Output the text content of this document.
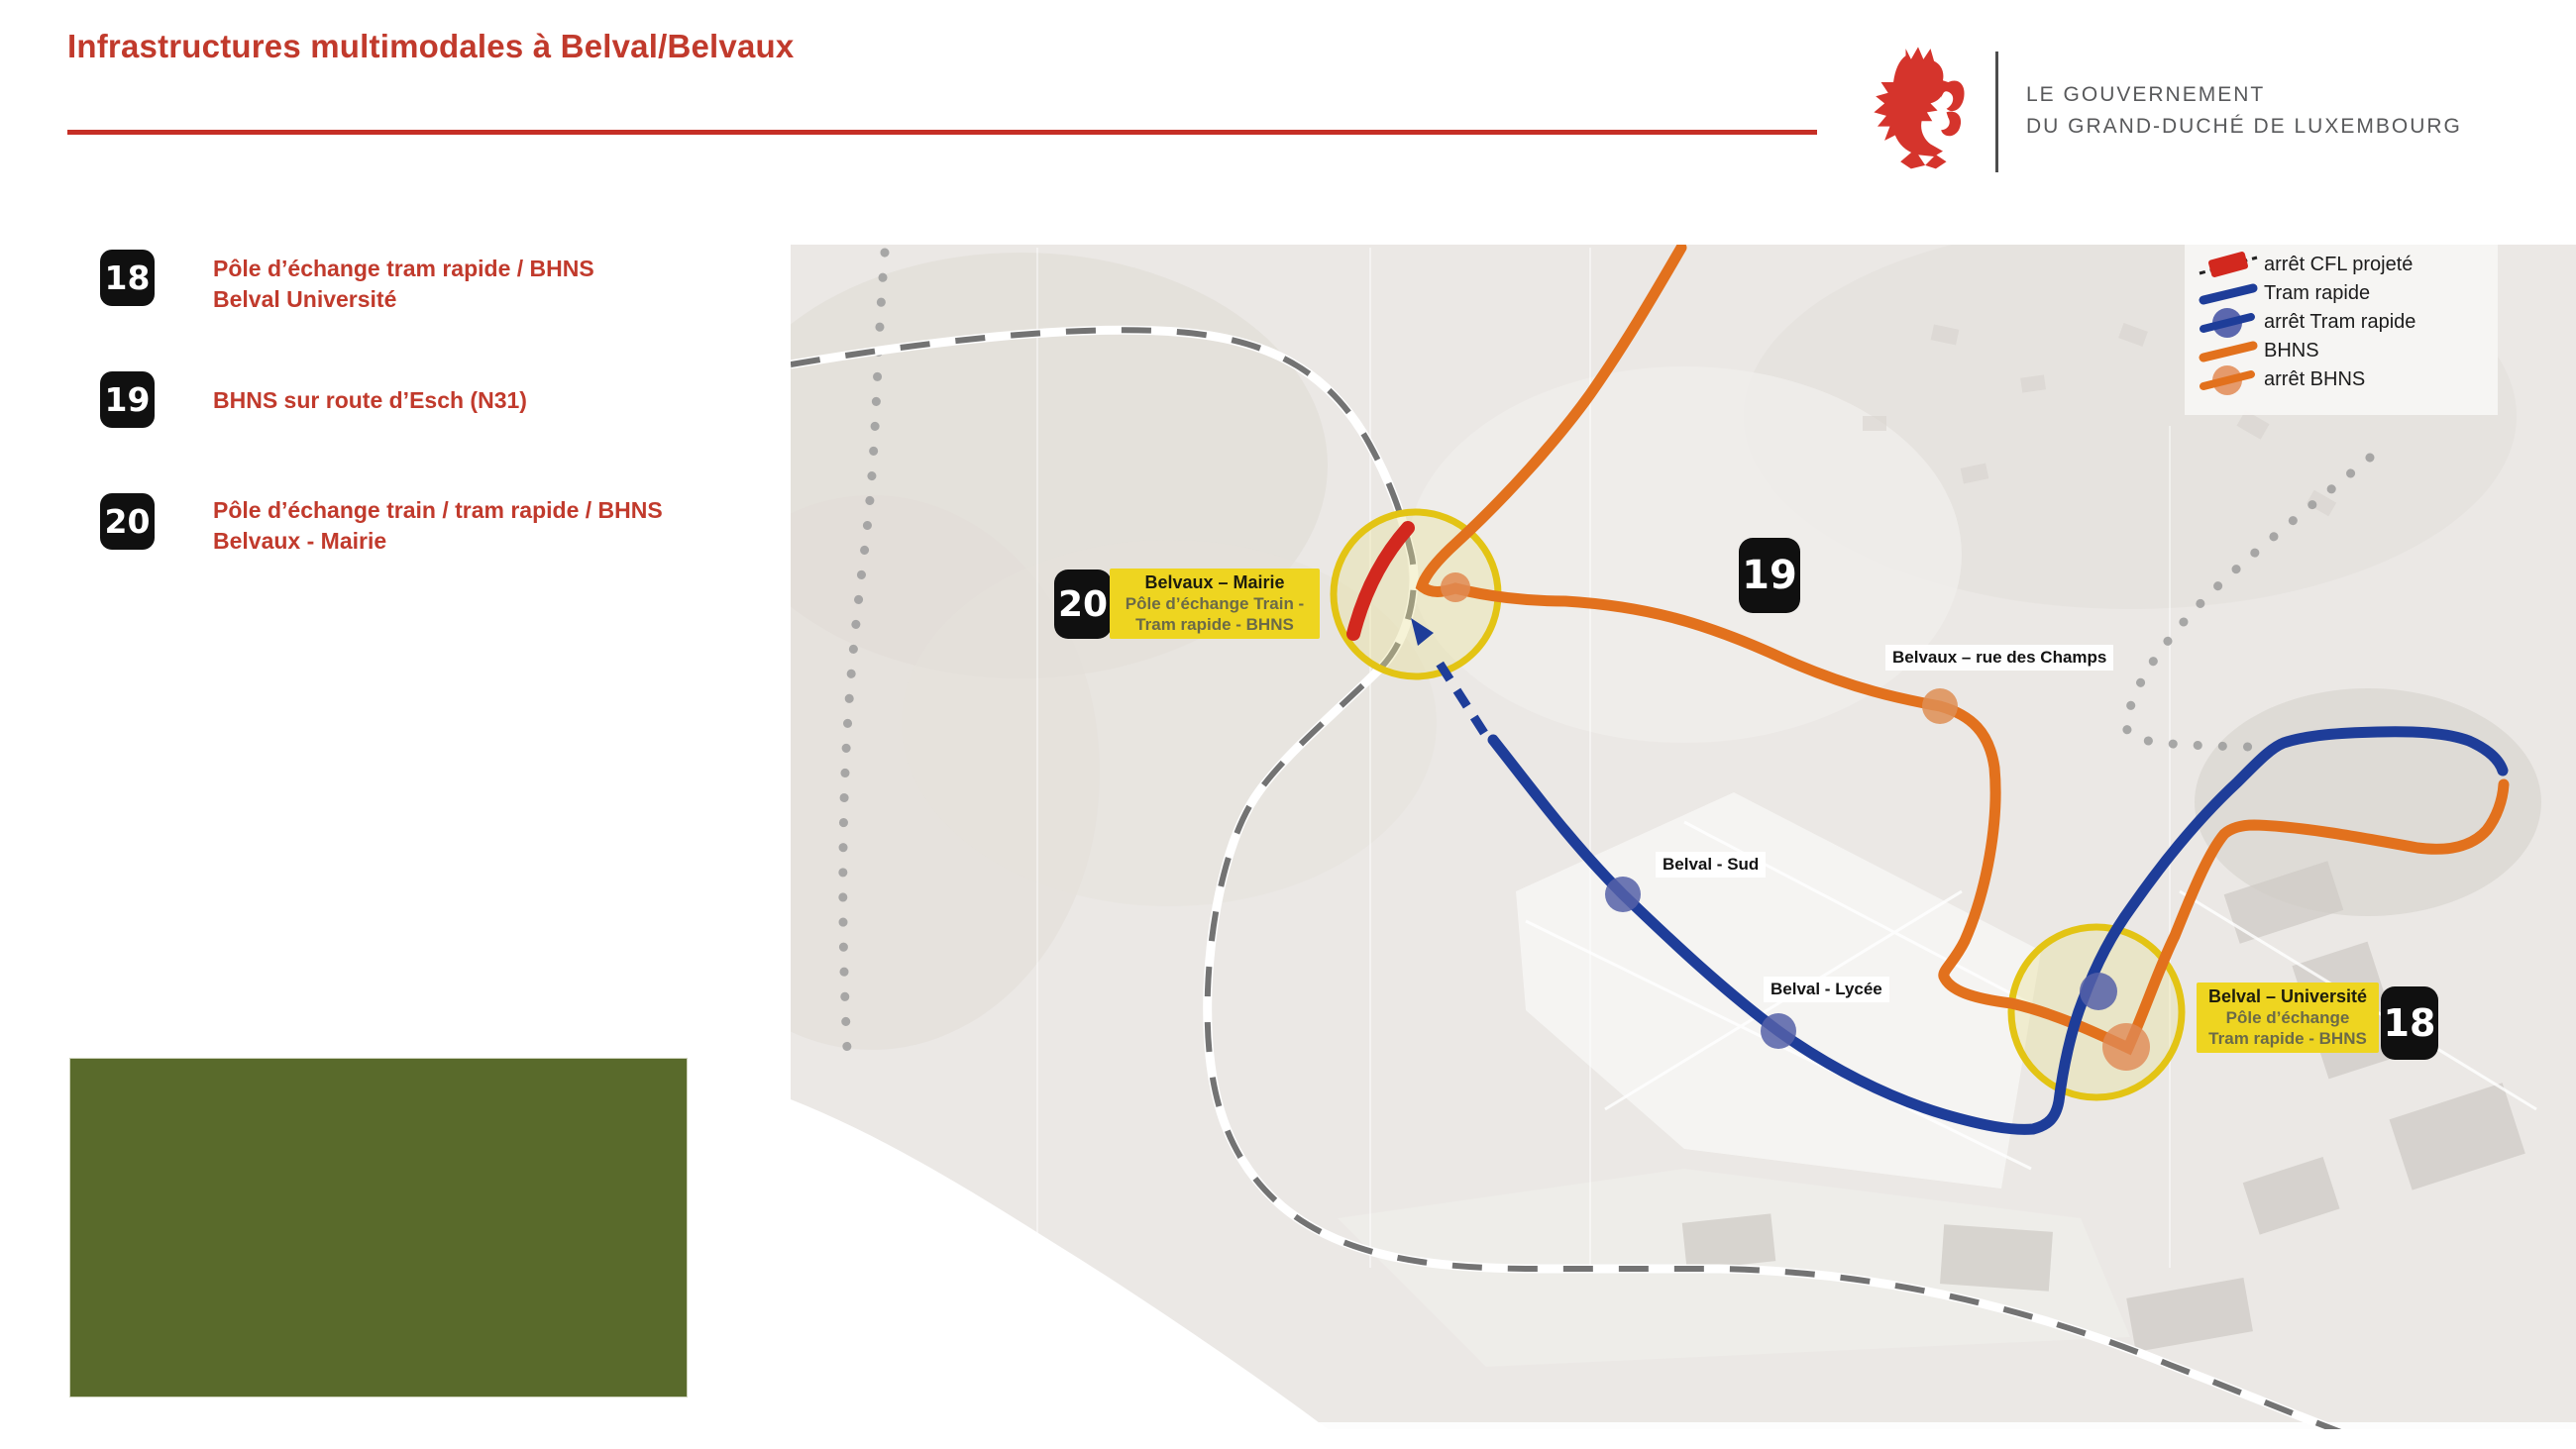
Infrastructures multimodales à Belval/Belvaux
LE GOUVERNEMENT
DU GRAND-DUCHÉ DE LUXEMBOURG
18	Pôle d’échange tram rapide / BHNS
Belval Université
19	BHNS sur route d’Esch (N31)
20	Pôle d’échange train / tram rapide / BHNS
Belvaux - Mairie
arrêt CFL projeté
Tram rapide
arrêt Tram rapide
BHNS
arrêt BHNS
Belvaux – rue des Champs
Belval - Sud
Belval - Lycée
20
Belvaux – Mairie
Pôle d’échange Train -
Tram rapide - BHNS
19
Belval – Université
Pôle d’échange
Tram rapide - BHNS 18
